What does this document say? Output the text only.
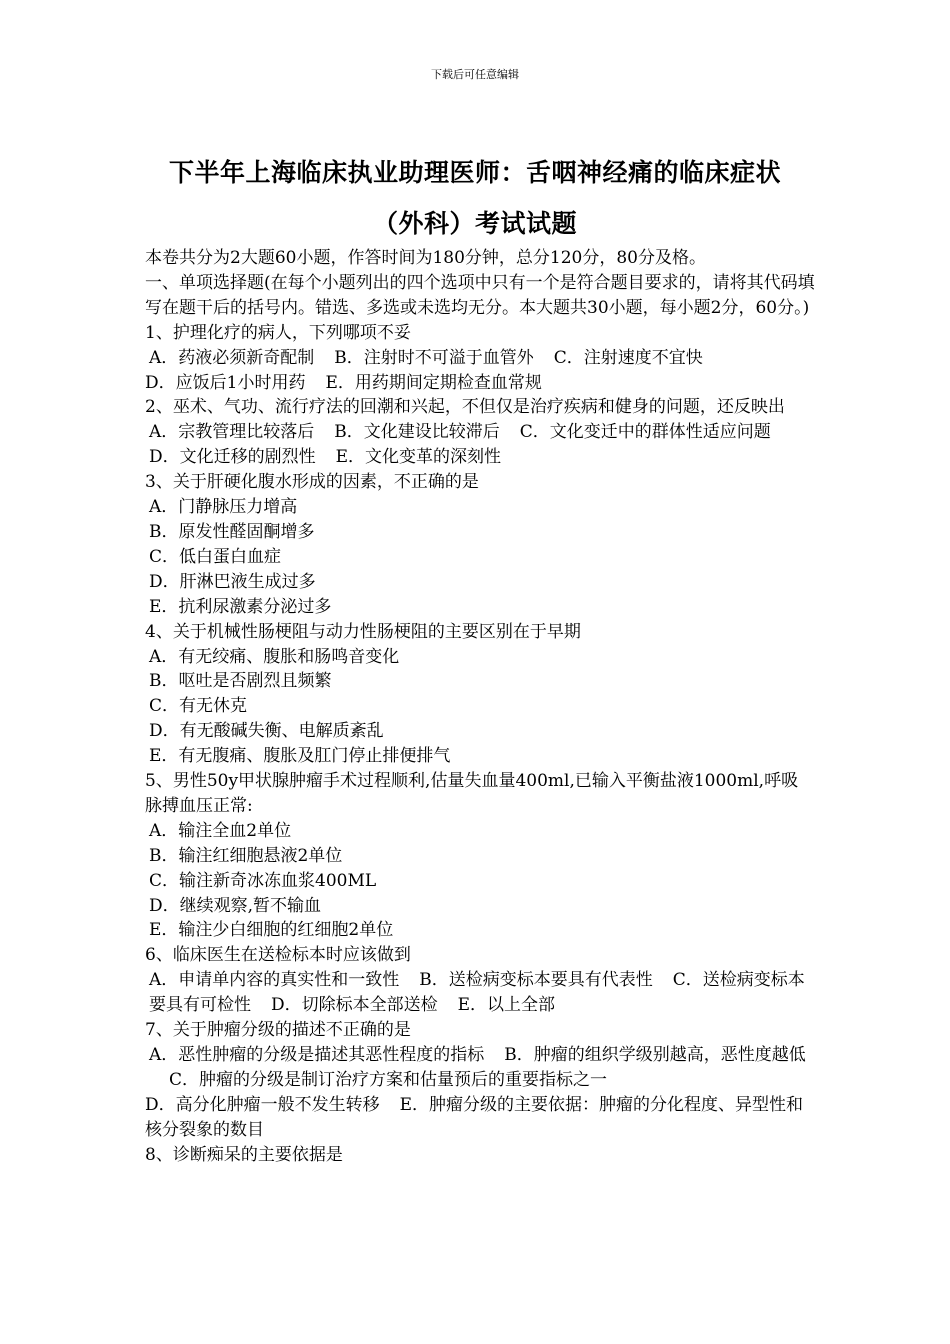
下载后可任意编辑
下半年上海临床执业助理医师：舌咽神经痛的临床症状
（外科）考试试题

本卷共分为2大题60小题，作答时间为180分钟，总分120分，80分及格。

一、单项选择题(在每个小题列出的四个选项中只有一个是符合题目要求的，请将其代码填写在题干后的括号内。错选、多选或未选均无分。本大题共30小题，每小题2分，60分。)

1、护理化疗的病人，下列哪项不妥

A．药液必须新奇配制 B．注射时不可溢于血管外 C．注射速度不宜快

D．应饭后1小时用药 E．用药期间定期检查血常规

2、巫术、气功、流行疗法的回潮和兴起，不但仅是治疗疾病和健身的问题，还反映出

A．宗教管理比较落后 B．文化建设比较滞后 C．文化变迁中的群体性适应问题D．文化迁移的剧烈性 E．文化变革的深刻性

3、关于肝硬化腹水形成的因素，不正确的是

A．门静脉压力增高

B．原发性醛固酮增多

C．低白蛋白血症

D．肝淋巴液生成过多

E．抗利尿激素分泌过多

4、关于机械性肠梗阻与动力性肠梗阻的主要区别在于早期

A．有无绞痛、腹胀和肠鸣音变化

B．呕吐是否剧烈且频繁

C．有无休克

D．有无酸碱失衡、电解质紊乱

E．有无腹痛、腹胀及肛门停止排便排气

5、男性50y甲状腺肿瘤手术过程顺利,估量失血量400ml,已输入平衡盐液1000ml,呼吸脉搏血压正常:

A．输注全血2单位

B．输注红细胞悬液2单位

C．输注新奇冰冻血浆400ML

D．继续观察,暂不输血

E．输注少白细胞的红细胞2单位

6、临床医生在送检标本时应该做到

A．申请单内容的真实性和一致性 B．送检病变标本要具有代表性 C．送检病变标本要具有可检性 D．切除标本全部送检 E．以上全部

7、关于肿瘤分级的描述不正确的是

A．恶性肿瘤的分级是描述其恶性程度的指标 B．肿瘤的组织学级别越高，恶性度越低C．肿瘤的分级是制订治疗方案和估量预后的重要指标之一

D．高分化肿瘤一般不发生转移 E．肿瘤分级的主要依据：肿瘤的分化程度、异型性和核分裂象的数目

8、诊断痴呆的主要依据是
